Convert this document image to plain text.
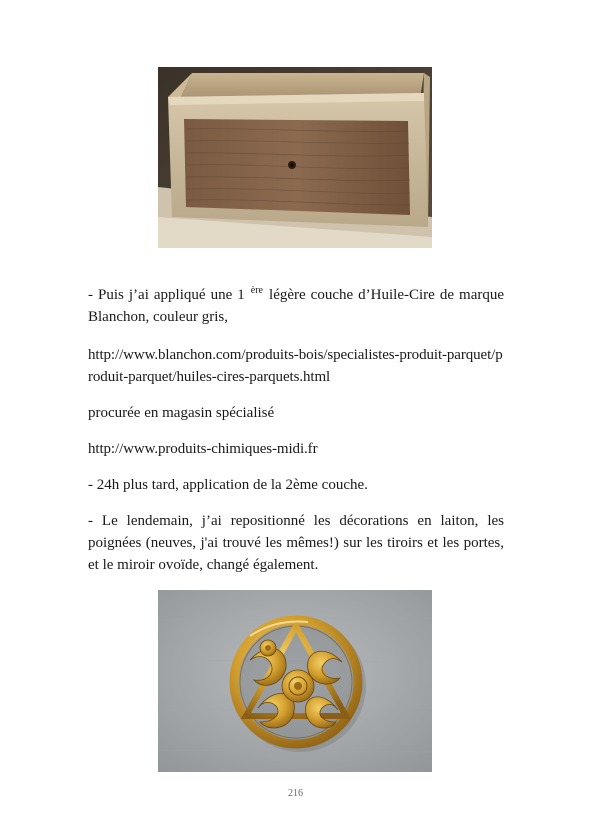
- Puis j’ai appliqué une 1 $^{ère}$ légère couche d’Huile-Cire de marque Blanchon, couleur gris,
http://www.blanchon.com/produits-bois/specialistes-produit-parquet/produit-parquet/huiles-cires-parquets.html
procurée en magasin spécialisé
http://www.produits-chimiques-midi.fr
- 24h plus tard, application de la 2ème couche.
- Le lendemain, j’ai repositionné les décorations en laiton, les poignées (neuves, j'ai trouvé les mêmes!) sur les tiroirs et les portes, et le miroir ovoïde, changé également.
216
